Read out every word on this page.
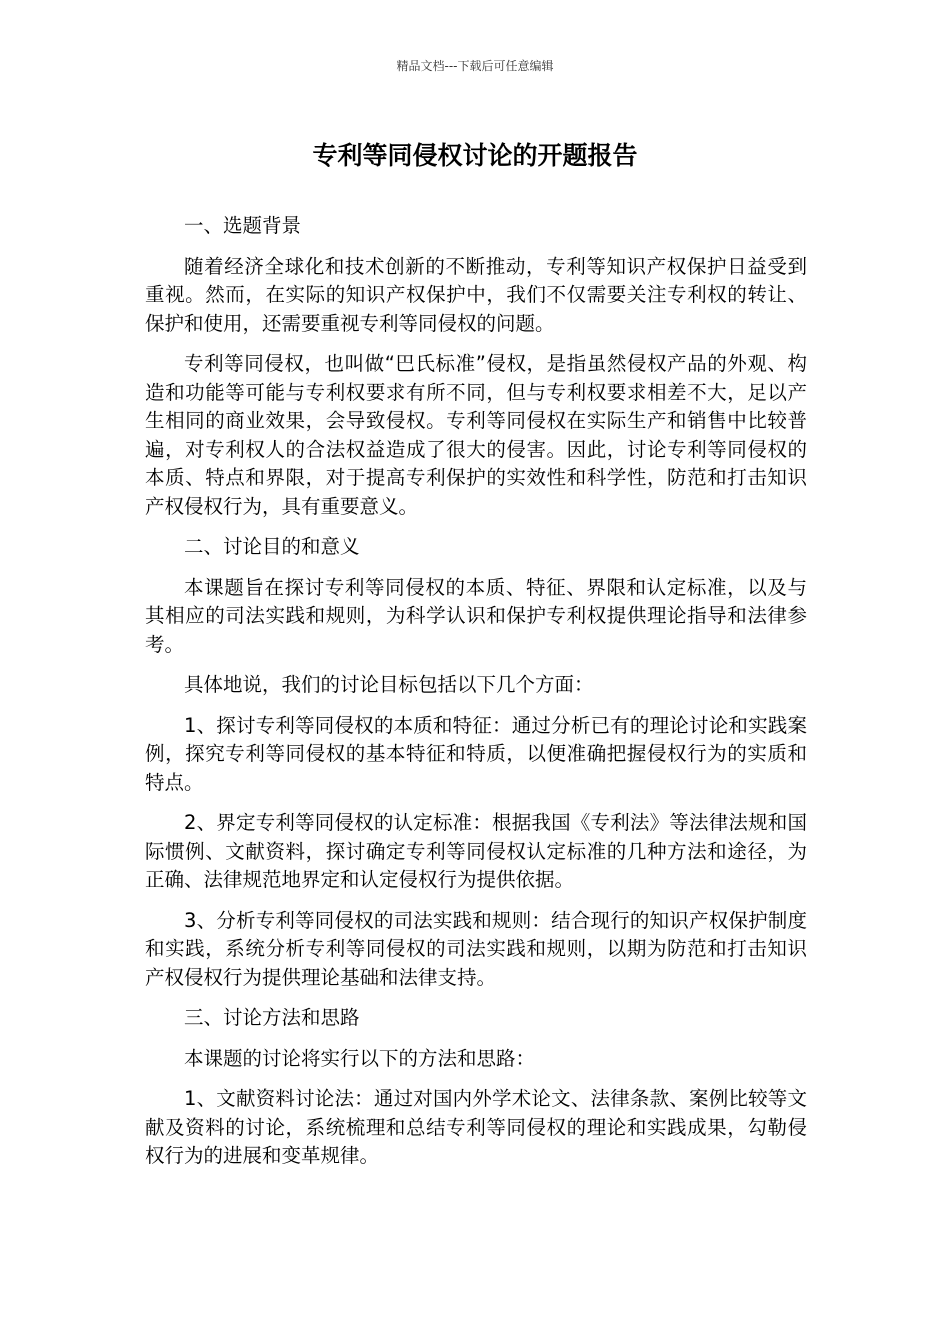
精品文档---下载后可任意编辑
专利等同侵权讨论的开题报告

一、选题背景

随着经济全球化和技术创新的不断推动，专利等知识产权保护日益受到重视。然而，在实际的知识产权保护中，我们不仅需要关注专利权的转让、保护和使用，还需要重视专利等同侵权的问题。

专利等同侵权，也叫做“巴氏标准”侵权，是指虽然侵权产品的外观、构造和功能等可能与专利权要求有所不同，但与专利权要求相差不大，足以产生相同的商业效果，会导致侵权。专利等同侵权在实际生产和销售中比较普遍，对专利权人的合法权益造成了很大的侵害。因此，讨论专利等同侵权的本质、特点和界限，对于提高专利保护的实效性和科学性，防范和打击知识产权侵权行为，具有重要意义。

二、讨论目的和意义

本课题旨在探讨专利等同侵权的本质、特征、界限和认定标准，以及与其相应的司法实践和规则，为科学认识和保护专利权提供理论指导和法律参考。

具体地说，我们的讨论目标包括以下几个方面：

1、探讨专利等同侵权的本质和特征：通过分析已有的理论讨论和实践案例，探究专利等同侵权的基本特征和特质，以便准确把握侵权行为的实质和特点。

2、界定专利等同侵权的认定标准：根据我国《专利法》等法律法规和国际惯例、文献资料，探讨确定专利等同侵权认定标准的几种方法和途径，为正确、法律规范地界定和认定侵权行为提供依据。

3、分析专利等同侵权的司法实践和规则：结合现行的知识产权保护制度和实践，系统分析专利等同侵权的司法实践和规则，以期为防范和打击知识产权侵权行为提供理论基础和法律支持。

三、讨论方法和思路

本课题的讨论将实行以下的方法和思路：

1、文献资料讨论法：通过对国内外学术论文、法律条款、案例比较等文献及资料的讨论，系统梳理和总结专利等同侵权的理论和实践成果，勾勒侵权行为的进展和变革规律。
